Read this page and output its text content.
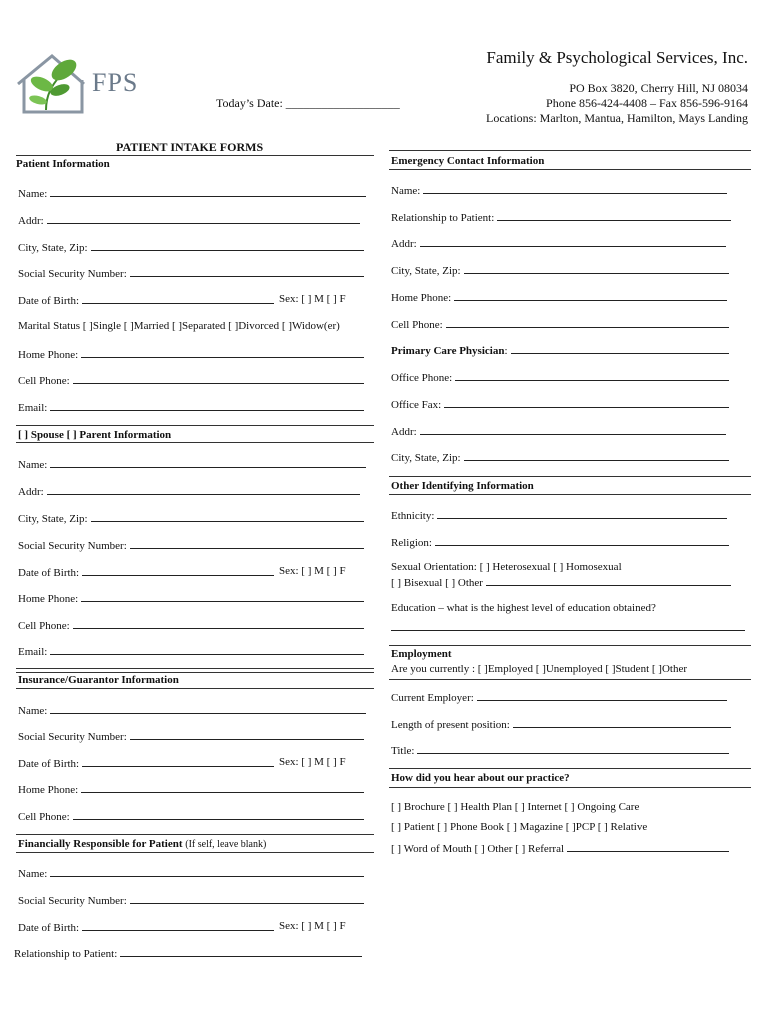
FPS
Family & Psychological Services, Inc.
PO Box 3820, Cherry Hill, NJ 08034
Phone 856-424-4408 – Fax 856-596-9164
Locations: Marlton, Mantua, Hamilton, Mays Landing
Today’s Date: ___________________
PATIENT INTAKE FORMS
Patient Information
Name:
Addr:
City, State, Zip:
Social Security Number:
Date of Birth:	Sex: [ ] M [ ] F
Marital Status [ ]Single [ ]Married [ ]Separated [ ]Divorced [ ]Widow(er)
Home Phone:
Cell Phone:
Email:
[ ] Spouse [ ] Parent Information
Name:
Addr:
City, State, Zip:
Social Security Number:
Date of Birth:	Sex: [ ] M [ ] F
Home Phone:
Cell Phone:
Email:
Insurance/Guarantor Information
Name:
Social Security Number:
Date of Birth:	Sex: [ ] M [ ] F
Home Phone:
Cell Phone:
Financially Responsible for Patient (If self, leave blank)
Name:
Social Security Number:
Date of Birth:	Sex: [ ] M [ ] F
Relationship to Patient:
Emergency Contact Information
Name:
Relationship to Patient:
Addr:
City, State, Zip:
Home Phone:
Cell Phone:
Primary Care Physician :
Office Phone:
Office Fax:
Addr:
City, State, Zip:
Other Identifying Information
Ethnicity:
Religion:
Sexual Orientation: [ ] Heterosexual [ ] Homosexual
[ ] Bisexual [ ] Other
Education – what is the highest level of education obtained?
Employment
Are you currently : [ ]Employed [ ]Unemployed [ ]Student [ ]Other
Current Employer:
Length of present position:
Title:
How did you hear about our practice?
[ ] Brochure [ ] Health Plan [ ] Internet [ ] Ongoing Care
[ ] Patient [ ] Phone Book [ ] Magazine [ ]PCP [ ] Relative
[ ] Word of Mouth [ ] Other [ ] Referral
